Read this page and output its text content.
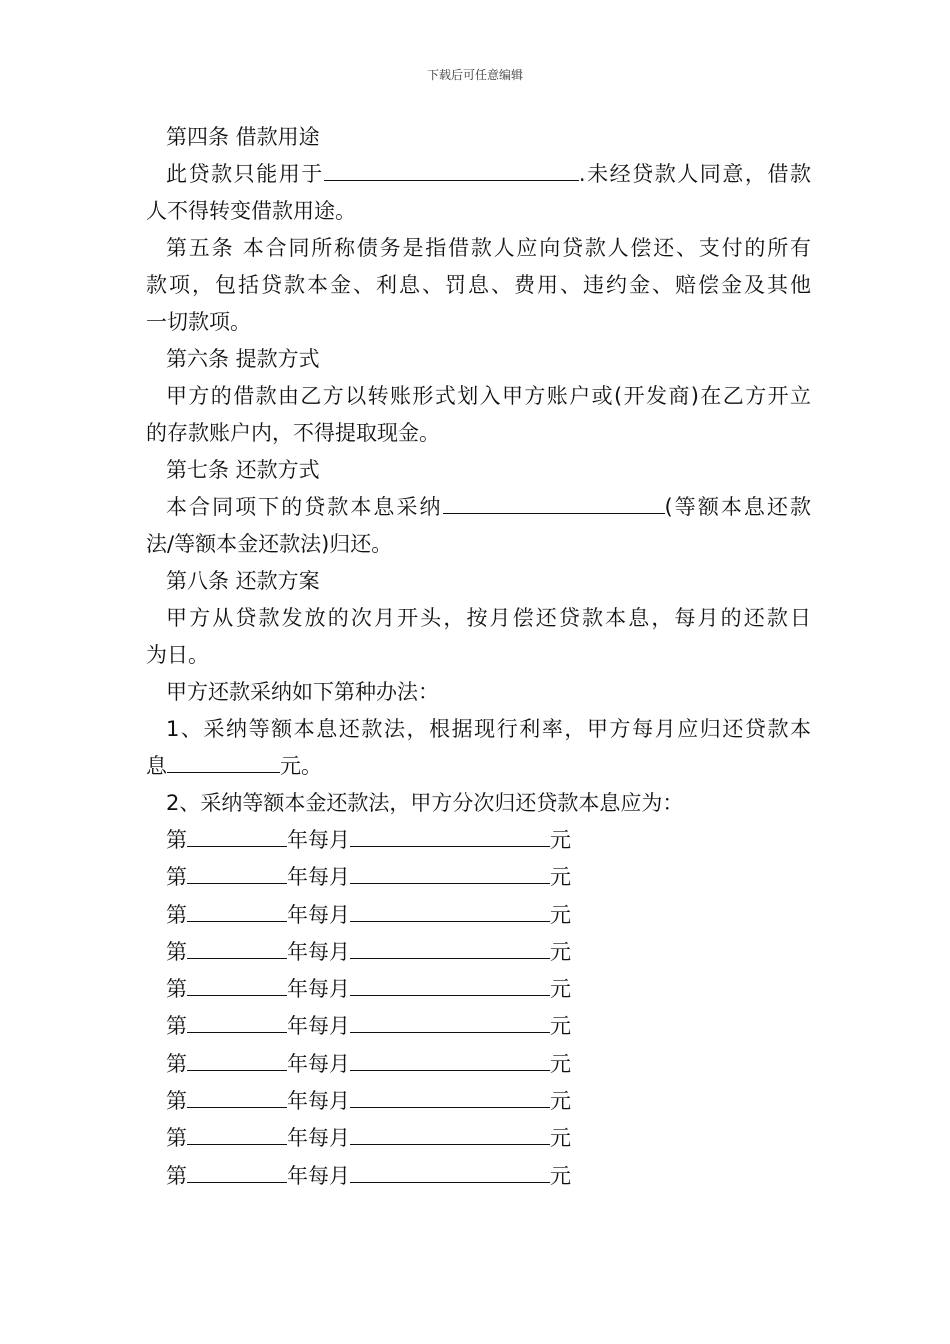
下载后可任意编辑
第四条 借款用途
此贷款只能用于	.未经贷款人同意，借款
人不得转变借款用途。
第五条 本合同所称债务是指借款人应向贷款人偿还、支付的所有
款项，包括贷款本金、利息、罚息、费用、违约金、赔偿金及其他
一切款项。
第六条 提款方式
甲方的借款由乙方以转账形式划入甲方账户或(开发商)在乙方开立
的存款账户内，不得提取现金。
第七条 还款方式
本合同项下的贷款本息采纳	(等额本息还款
法/等额本金还款法)归还。
第八条 还款方案
甲方从贷款发放的次月开头，按月偿还贷款本息，每月的还款日
为日。
甲方还款采纳如下第种办法：
1、采纳等额本息还款法，根据现行利率，甲方每月应归还贷款本
息	元。
2、采纳等额本金还款法，甲方分次归还贷款本息应为：
第	年每月	元
第	年每月	元
第	年每月	元
第	年每月	元
第	年每月	元
第	年每月	元
第	年每月	元
第	年每月	元
第	年每月	元
第	年每月	元
